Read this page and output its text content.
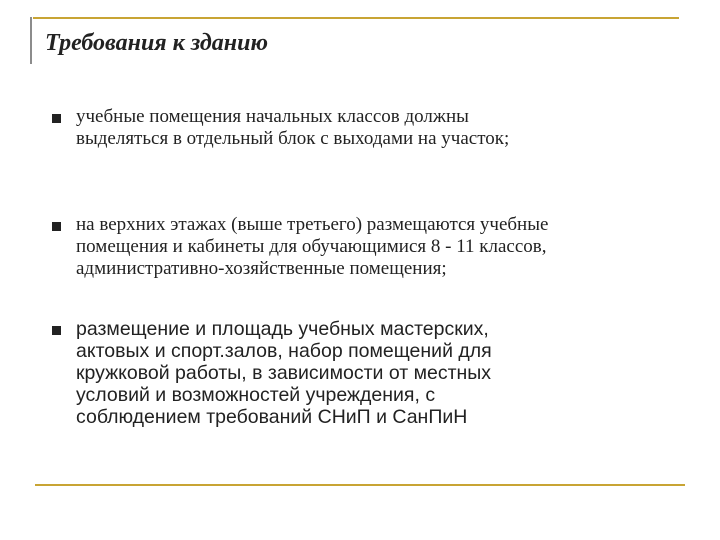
Требования к зданию
учебные помещения начальных классов должны
выделяться в отдельный блок с выходами на участок;
на верхних этажах (выше третьего) размещаются учебные
помещения и кабинеты для обучающимися 8 - 11 классов,
административно-хозяйственные помещения;
размещение и площадь учебных мастерских,
актовых и спорт.залов, набор помещений для
кружковой работы, в зависимости от местных
условий и возможностей учреждения, с
соблюдением требований СНиП и СанПиН
